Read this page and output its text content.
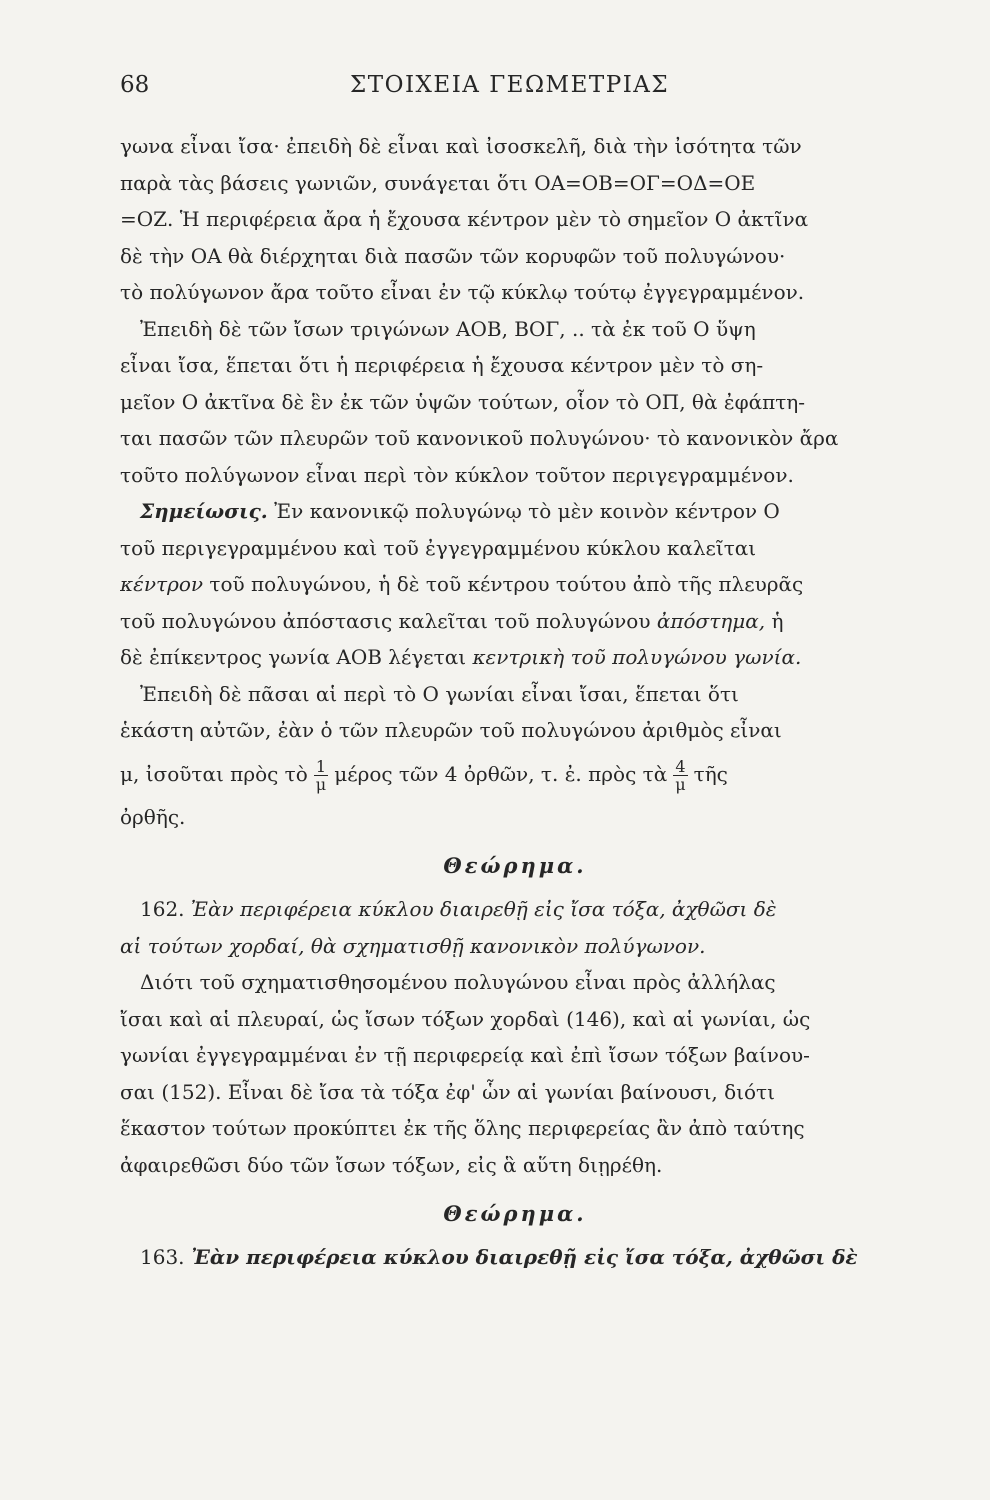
68	ΣΤΟΙΧΕΙΑ ΓΕΩΜΕΤΡΙΑΣ
γωνα εἶναι ἴσα· ἐπειδὴ δὲ εἶναι καὶ ἰσοσκελῆ, διὰ τὴν ἰσότητα τῶν
παρὰ τὰς βάσεις γωνιῶν, συνάγεται ὅτι ΟΑ=ΟΒ=ΟΓ=ΟΔ=ΟΕ
=ΟΖ. Ἡ περιφέρεια ἄρα ἡ ἔχουσα κέντρον μὲν τὸ σημεῖον Ο ἀκτῖνα
δὲ τὴν ΟΑ θὰ διέρχηται διὰ πασῶν τῶν κορυφῶν τοῦ πολυγώνου·
τὸ πολύγωνον ἄρα τοῦτο εἶναι ἐν τῷ κύκλῳ τούτῳ ἐγγεγραμμένον.
Ἐπειδὴ δὲ τῶν ἴσων τριγώνων ΑΟΒ, ΒΟΓ, .. τὰ ἐκ τοῦ Ο ὕψη
εἶναι ἴσα, ἕπεται ὅτι ἡ περιφέρεια ἡ ἔχουσα κέντρον μὲν τὸ ση-
μεῖον Ο ἀκτῖνα δὲ ἓν ἐκ τῶν ὑψῶν τούτων, οἷον τὸ ΟΠ, θὰ ἐφάπτη-
ται πασῶν τῶν πλευρῶν τοῦ κανονικοῦ πολυγώνου· τὸ κανονικὸν ἄρα
τοῦτο πολύγωνον εἶναι περὶ τὸν κύκλον τοῦτον περιγεγραμμένον.
Σημείωσις. Ἐν κανονικῷ πολυγώνῳ τὸ μὲν κοινὸν κέντρον Ο
τοῦ περιγεγραμμένου καὶ τοῦ ἐγγεγραμμένου κύκλου καλεῖται
κέντρον τοῦ πολυγώνου, ἡ δὲ τοῦ κέντρου τούτου ἀπὸ τῆς πλευρᾶς
τοῦ πολυγώνου ἀπόστασις καλεῖται τοῦ πολυγώνου ἀπόστημα, ἡ
δὲ ἐπίκεντρος γωνία ΑΟΒ λέγεται κεντρικὴ τοῦ πολυγώνου γωνία.
Ἐπειδὴ δὲ πᾶσαι αἱ περὶ τὸ Ο γωνίαι εἶναι ἴσαι, ἕπεται ὅτι
ἑκάστη αὐτῶν, ἐὰν ὁ τῶν πλευρῶν τοῦ πολυγώνου ἀριθμὸς εἶναι
μ, ἰσοῦται πρὸς τὸ $\frac{1}{\mu}$ μέρος τῶν 4 ὀρθῶν, τ. ἐ. πρὸς τὰ $\frac{4}{\mu}$ τῆς
ὀρθῆς.
Θεώρημα.
162. Ἐὰν περιφέρεια κύκλου διαιρεθῇ εἰς ἴσα τόξα, ἀχθῶσι δὲ
αἱ τούτων χορδαί, θὰ σχηματισθῇ κανονικὸν πολύγωνον.
Διότι τοῦ σχηματισθησομένου πολυγώνου εἶναι πρὸς ἀλλήλας
ἴσαι καὶ αἱ πλευραί, ὡς ἴσων τόξων χορδαὶ (146), καὶ αἱ γωνίαι, ὡς
γωνίαι ἐγγεγραμμέναι ἐν τῇ περιφερείᾳ καὶ ἐπὶ ἴσων τόξων βαίνου-
σαι (152). Εἶναι δὲ ἴσα τὰ τόξα ἐφ' ὧν αἱ γωνίαι βαίνουσι, διότι
ἕκαστον τούτων προκύπτει ἐκ τῆς ὅλης περιφερείας ἂν ἀπὸ ταύτης
ἀφαιρεθῶσι δύο τῶν ἴσων τόξων, εἰς ἃ αὕτη διῃρέθη.
Θεώρημα.
163. Ἐὰν περιφέρεια κύκλου διαιρεθῇ εἰς ἴσα τόξα, ἀχθῶσι δὲ
